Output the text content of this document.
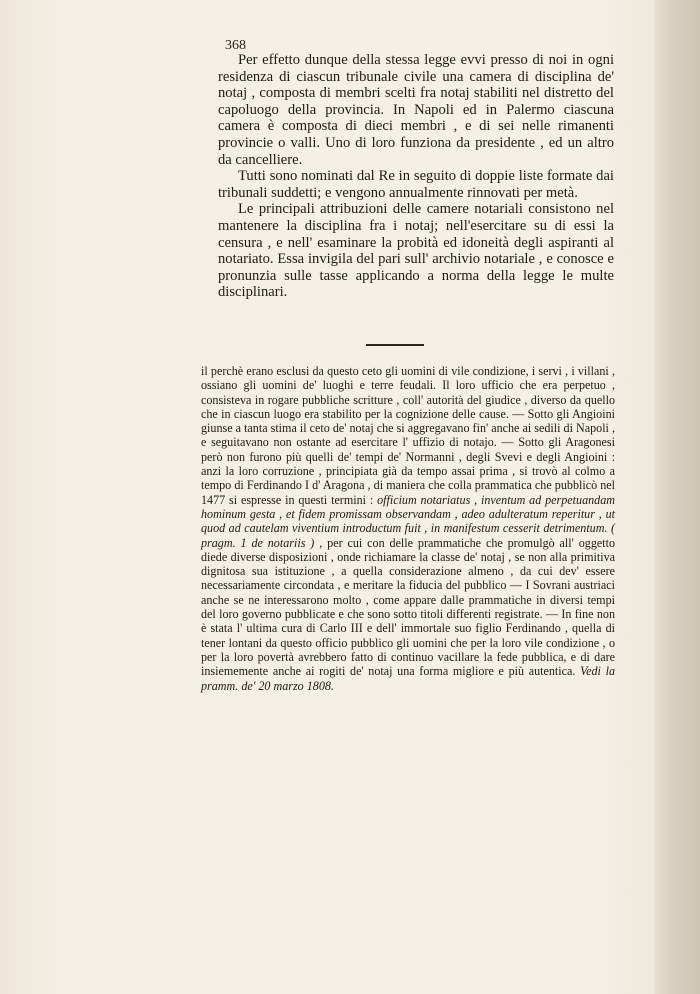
368

Per effetto dunque della stessa legge evvi presso di noi in ogni residenza di ciascun tribunale civile una camera di disciplina de' notaj , composta di membri scelti fra notaj stabiliti nel distretto del capoluogo della provincia. In Napoli ed in Palermo ciascuna camera è composta di dieci membri , e di sei nelle rimanenti provincie o valli. Uno di loro funziona da presidente , ed un altro da cancelliere.

Tutti sono nominati dal Re in seguito di doppie liste formate dai tribunali suddetti; e vengono annualmente rinnovati per metà.

Le principali attribuzioni delle camere notariali consistono nel mantenere la disciplina fra i notaj; nell'esercitare su di essi la censura , e nell' esaminare la probità ed idoneità degli aspiranti al notariato. Essa invigila del pari sull' archivio notariale , e conosce e pronunzia sulle tasse applicando a norma della legge le multe disciplinari.

il perchè erano esclusi da questo ceto gli uomini di vile condizione, i servi , i villani , ossiano gli uomini de' luoghi e terre feudali. Il loro ufficio che era perpetuo , consisteva in rogare pubbliche scritture , coll' autorità del giudice , diverso da quello che in ciascun luogo era stabilito per la cognizione delle cause. — Sotto gli Angioini giunse a tanta stima il ceto de' notaj che si aggregavano fin' anche ai sedili di Napoli , e seguitavano non ostante ad esercitare l' uffizio di notajo. — Sotto gli Aragonesi però non furono più quelli de' tempi de' Normanni , degli Svevi e degli Angioini : anzi la loro corruzione , principiata già da tempo assai prima , si trovò al colmo a tempo di Ferdinando I d' Aragona , di maniera che colla prammatica che pubblicò nel 1477 si espresse in questi termini : officium notariatus , inventum ad perpetuandam hominum gesta , et fidem promissam observandam , adeo adulteratum reperitur , ut quod ad cautelam viventium introductum fuit , in manifestum cesserit detrimentum. ( pragm. 1 de notariis ) , per cui con delle prammatiche che promulgò all' oggetto diede diverse disposizioni , onde richiamare la classe de' notaj , se non alla primitiva dignitosa sua istituzione , a quella considerazione almeno , da cui dev' essere necessariamente circondata , e meritare la fiducia del pubblico — I Sovrani austriaci anche se ne interessarono molto , come appare dalle prammatiche in diversi tempi del loro governo pubblicate e che sono sotto titoli differenti registrate. — In fine non è stata l' ultima cura di Carlo III e dell' immortale suo figlio Ferdinando , quella di tener lontani da questo officio pubblico gli uomini che per la loro vile condizione , o per la loro povertà avrebbero fatto di continuo vacillare la fede pubblica, e di dare insiememente anche ai rogiti de' notaj una forma migliore e più autentica. Vedi la pramm. de' 20 marzo 1808.
